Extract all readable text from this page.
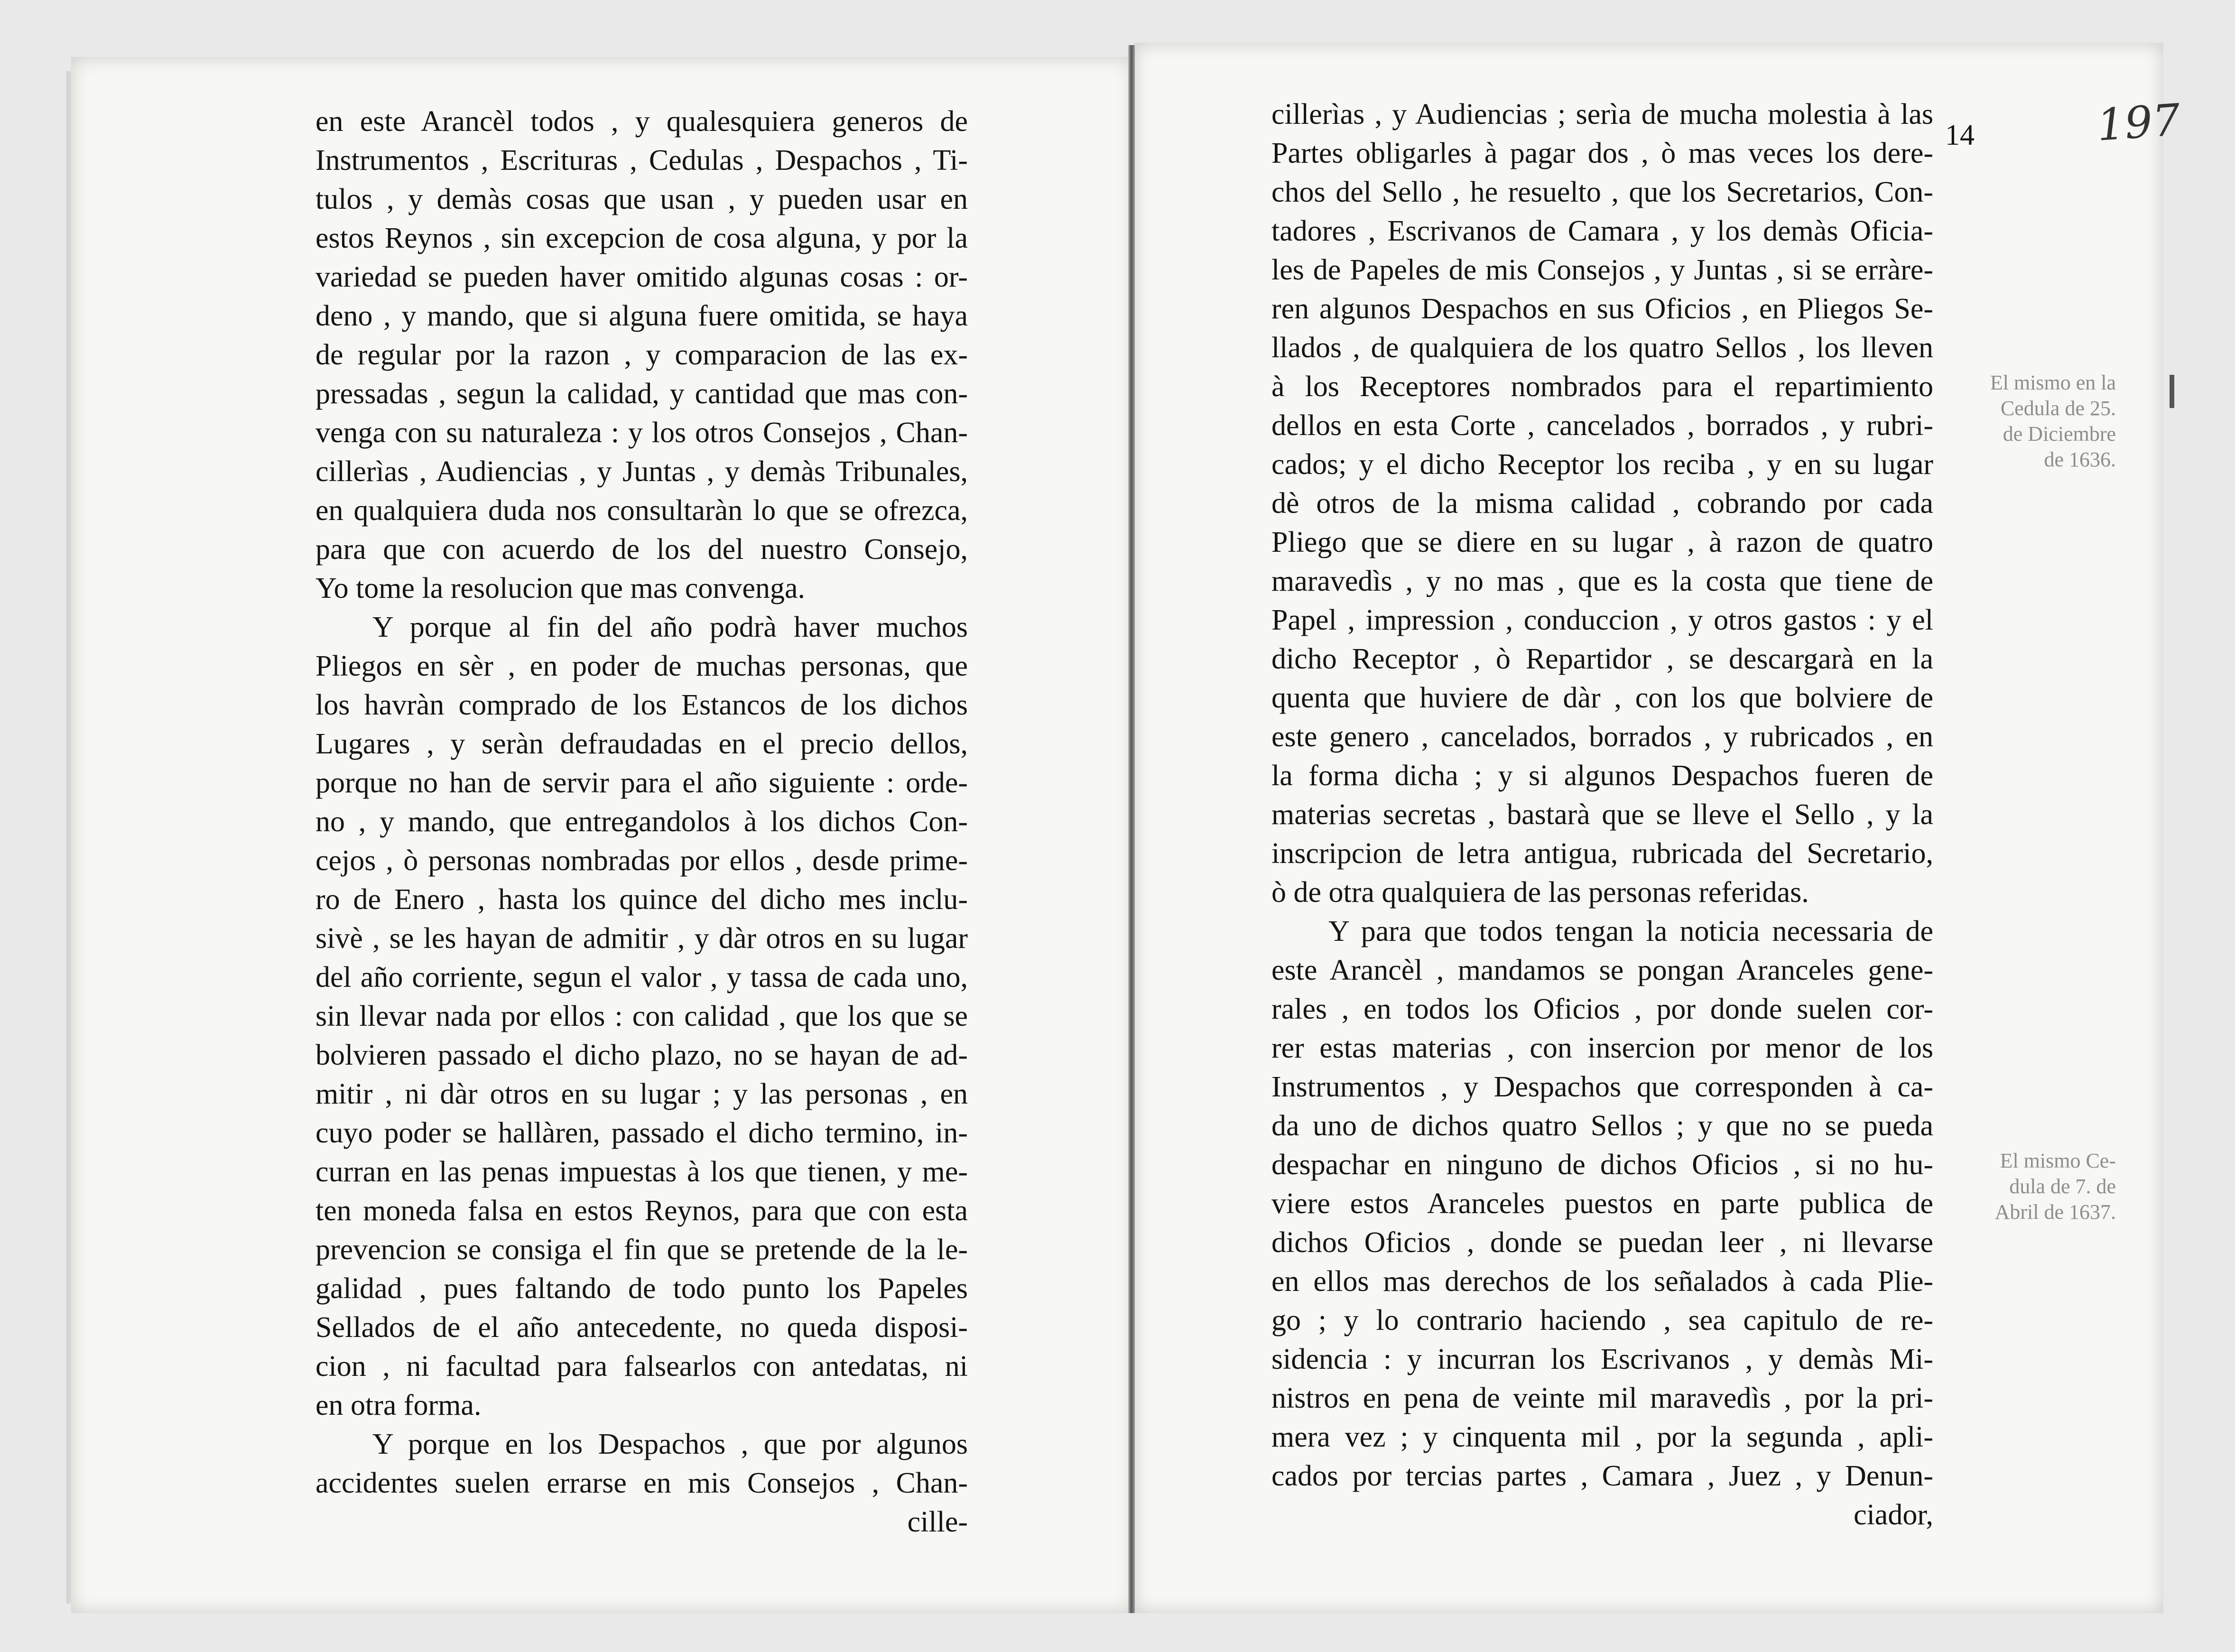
197
14
en este Arancèl todos , y qualesquiera generos de
Instrumentos , Escrituras , Cedulas , Despachos , Ti-
tulos , y demàs cosas que usan , y pueden usar en
estos Reynos , sin excepcion de cosa alguna, y por la
variedad se pueden haver omitido algunas cosas : or-
deno , y mando, que si alguna fuere omitida, se haya
de regular por la razon , y comparacion de las ex-
pressadas , segun la calidad, y cantidad que mas con-
venga con su naturaleza : y los otros Consejos , Chan-
cillerìas , Audiencias , y Juntas , y demàs Tribunales,
en qualquiera duda nos consultaràn lo que se ofrezca,
para que con acuerdo de los del nuestro Consejo,
Yo tome la resolucion que mas convenga.
Y porque al fin del año podrà haver muchos
Pliegos en sèr , en poder de muchas personas, que
los havràn comprado de los Estancos de los dichos
Lugares , y seràn defraudadas en el precio dellos,
porque no han de servir para el año siguiente : orde-
no , y mando, que entregandolos à los dichos Con-
cejos , ò personas nombradas por ellos , desde prime-
ro de Enero , hasta los quince del dicho mes inclu-
sivè , se les hayan de admitir , y dàr otros en su lugar
del año corriente, segun el valor , y tassa de cada uno,
sin llevar nada por ellos : con calidad , que los que se
bolvieren passado el dicho plazo, no se hayan de ad-
mitir , ni dàr otros en su lugar ; y las personas , en
cuyo poder se hallàren, passado el dicho termino, in-
curran en las penas impuestas à los que tienen, y me-
ten moneda falsa en estos Reynos, para que con esta
prevencion se consiga el fin que se pretende de la le-
galidad , pues faltando de todo punto los Papeles
Sellados de el año antecedente, no queda disposi-
cion , ni facultad para falsearlos con antedatas, ni
en otra forma.
Y porque en los Despachos , que por algunos
accidentes suelen errarse en mis Consejos , Chan-
cille-
cillerìas , y Audiencias ; serìa de mucha molestia à las
Partes obligarles à pagar dos , ò mas veces los dere-
chos del Sello , he resuelto , que los Secretarios, Con-
tadores , Escrivanos de Camara , y los demàs Oficia-
les de Papeles de mis Consejos , y Juntas , si se erràre-
ren algunos Despachos en sus Oficios , en Pliegos Se-
llados , de qualquiera de los quatro Sellos , los lleven
à los Receptores nombrados para el repartimiento
dellos en esta Corte , cancelados , borrados , y rubri-
cados; y el dicho Receptor los reciba , y en su lugar
dè otros de la misma calidad , cobrando por cada
Pliego que se diere en su lugar , à razon de quatro
maravedìs , y no mas , que es la costa que tiene de
Papel , impression , conduccion , y otros gastos : y el
dicho Receptor , ò Repartidor , se descargarà en la
quenta que huviere de dàr , con los que bolviere de
este genero , cancelados, borrados , y rubricados , en
la forma dicha ; y si algunos Despachos fueren de
materias secretas , bastarà que se lleve el Sello , y la
inscripcion de letra antigua, rubricada del Secretario,
ò de otra qualquiera de las personas referidas.
Y para que todos tengan la noticia necessaria de
este Arancèl , mandamos se pongan Aranceles gene-
rales , en todos los Oficios , por donde suelen cor-
rer estas materias , con insercion por menor de los
Instrumentos , y Despachos que corresponden à ca-
da uno de dichos quatro Sellos ; y que no se pueda
despachar en ninguno de dichos Oficios , si no hu-
viere estos Aranceles puestos en parte publica de
dichos Oficios , donde se puedan leer , ni llevarse
en ellos mas derechos de los señalados à cada Plie-
go ; y lo contrario haciendo , sea capitulo de re-
sidencia : y incurran los Escrivanos , y demàs Mi-
nistros en pena de veinte mil maravedìs , por la pri-
mera vez ; y cinquenta mil , por la segunda , apli-
cados por tercias partes , Camara , Juez , y Denun-
ciador,
El mismo en la
Cedula de 25.
de Diciembre
de 1636.
El mismo Ce-
dula de 7. de
Abril de 1637.
